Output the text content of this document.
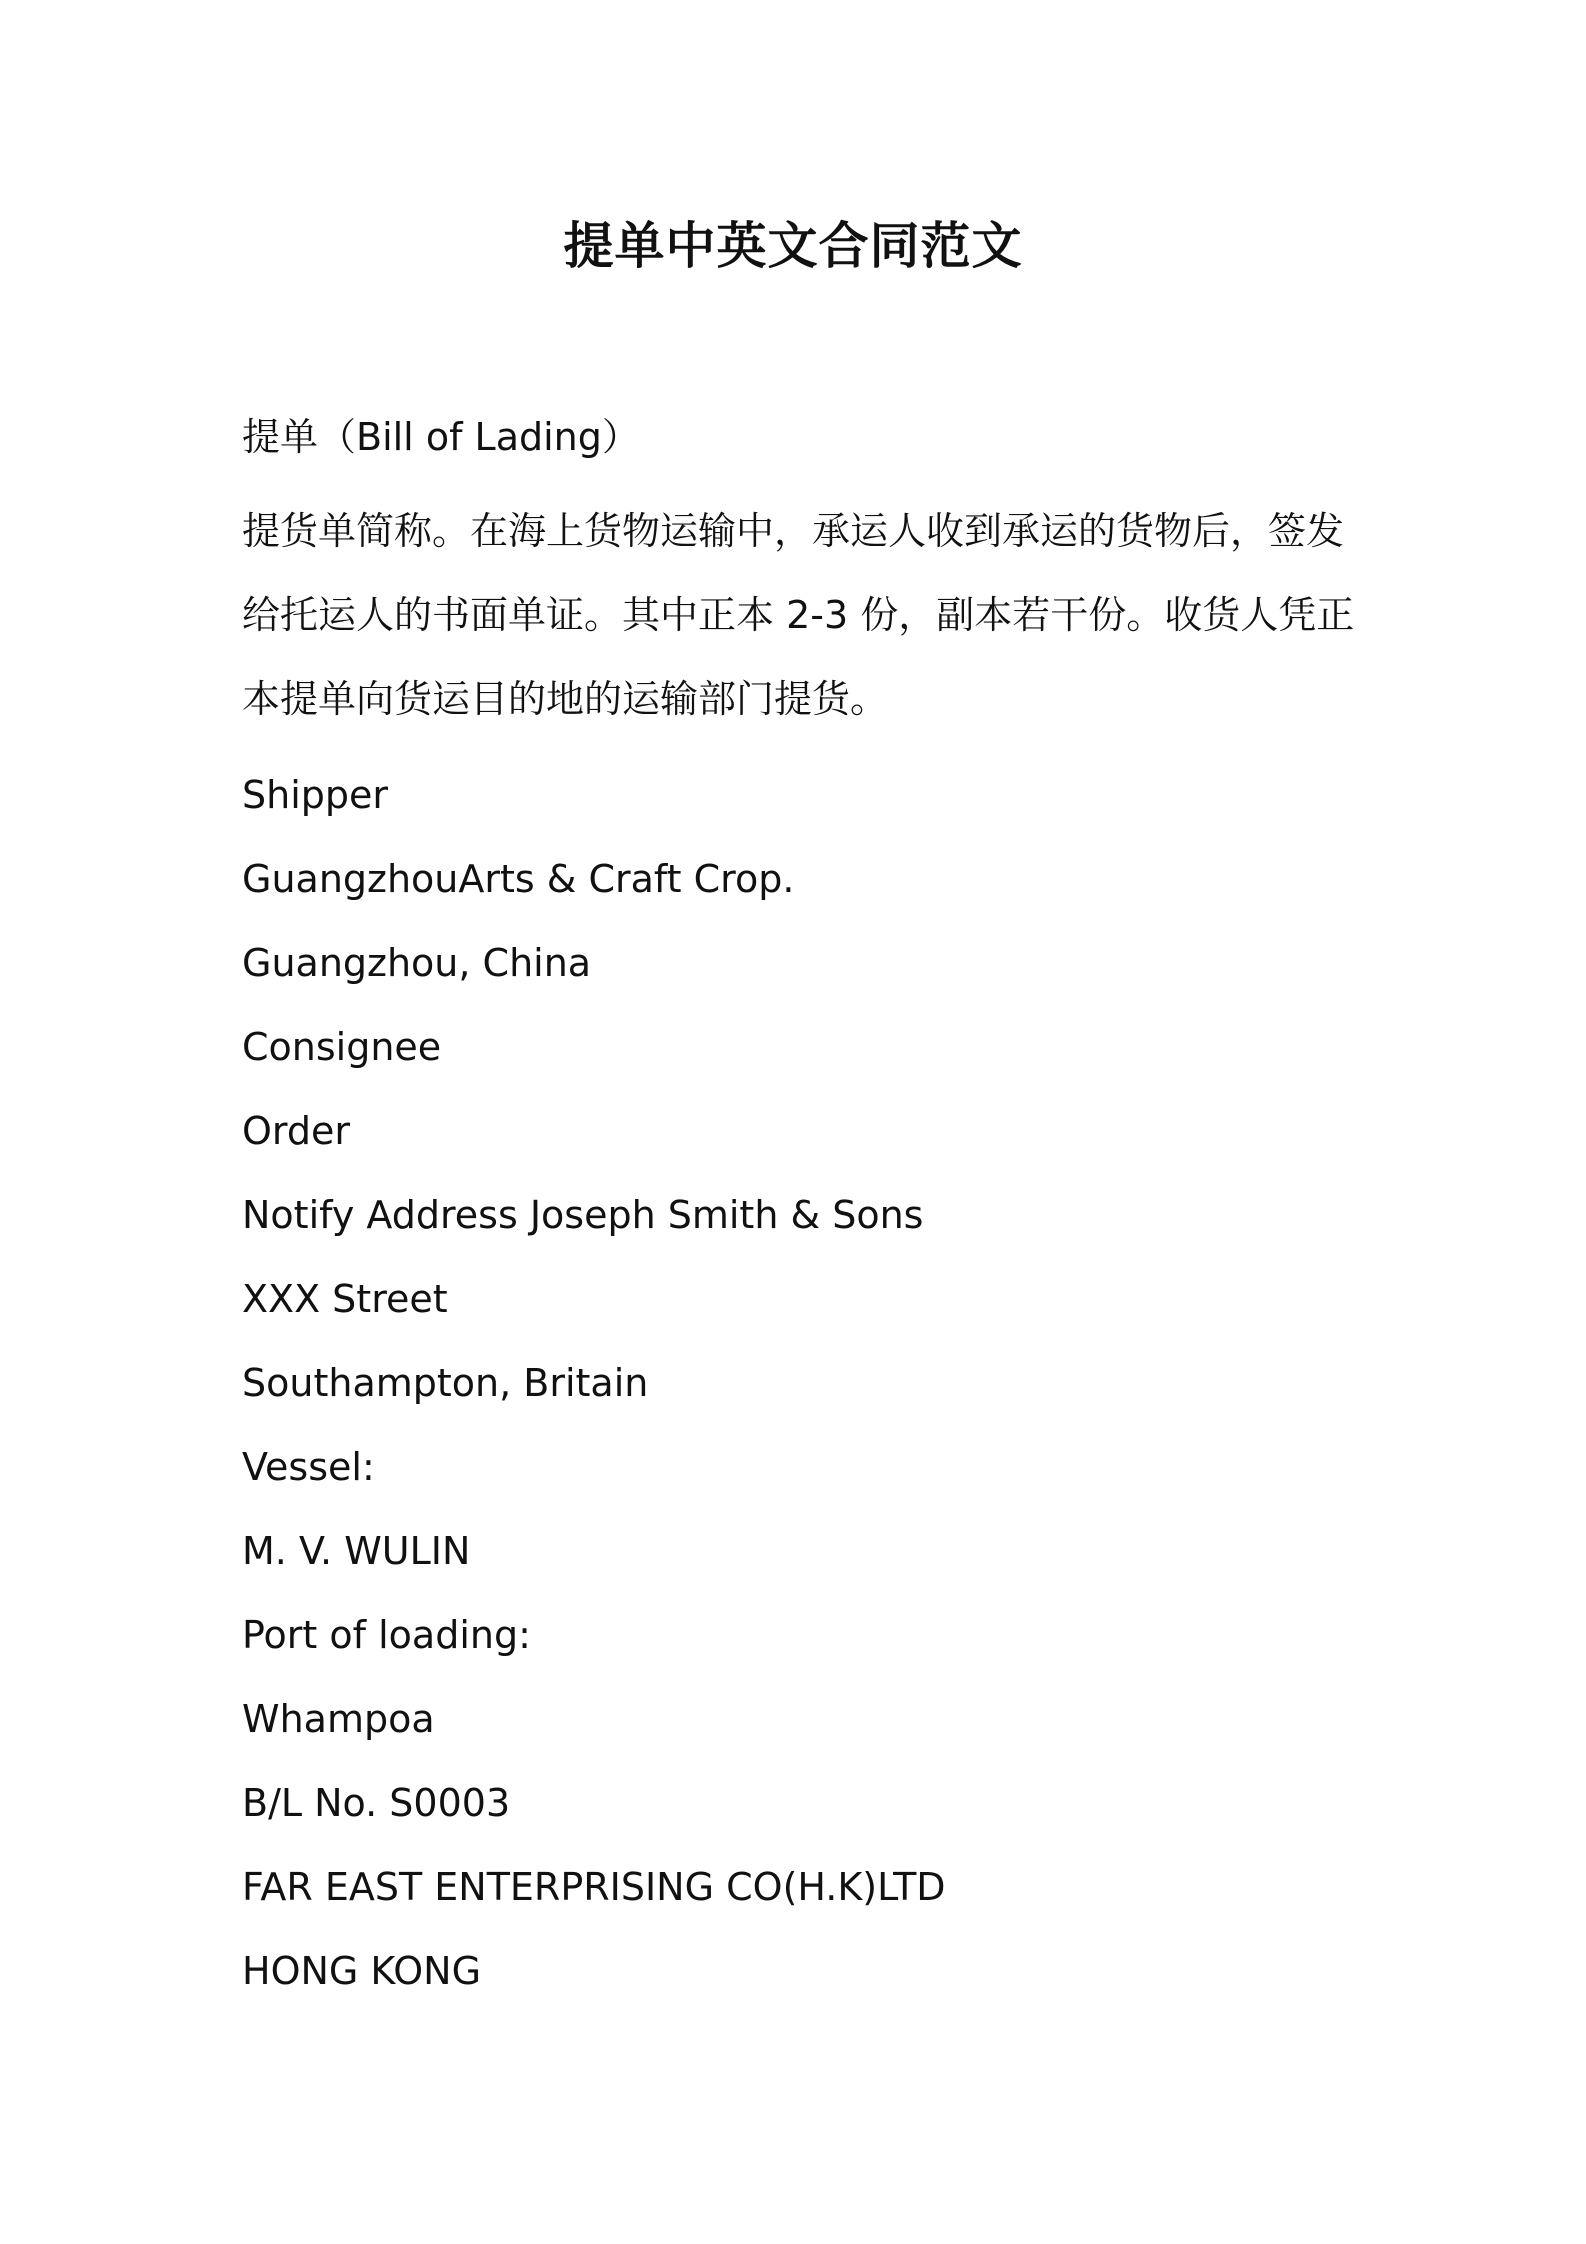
提单中英文合同范文

提单（Bill of Lading）

提货单简称。在海上货物运输中，承运人收到承运的货物后，签发给托运人的书面单证。其中正本 2-3 份，副本若干份。收货人凭正本提单向货运目的地的运输部门提货。

Shipper

GuangzhouArts & Craft Crop.

Guangzhou, China

Consignee

Order

Notify Address Joseph Smith & Sons

XXX Street

Southampton, Britain

Vessel:

M. V. WULIN

Port of loading:

Whampoa

B/L No. S0003

FAR EAST ENTERPRISING CO(H.K)LTD

HONG KONG
